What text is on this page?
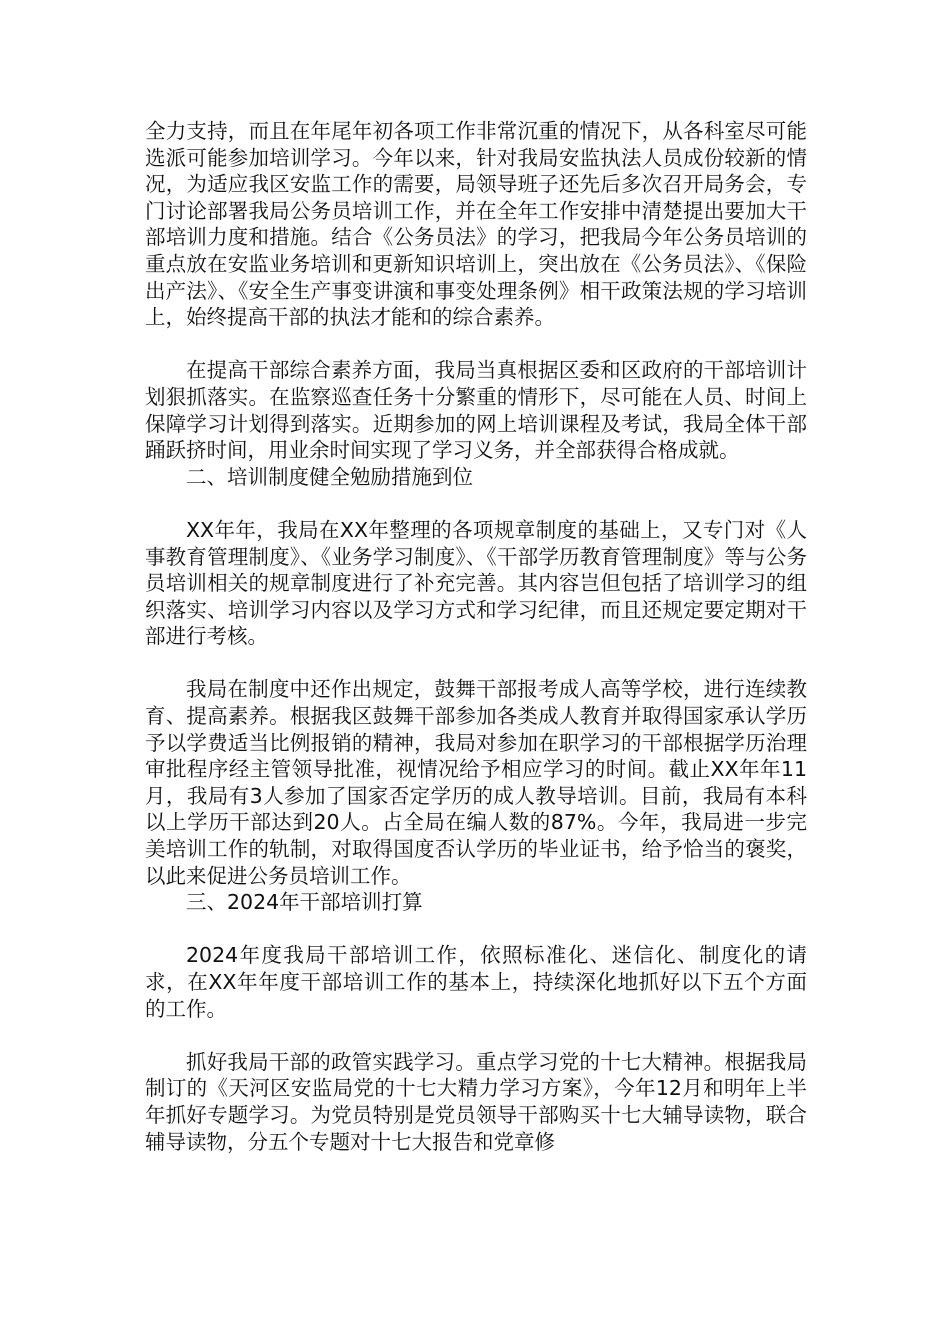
全力支持，而且在年尾年初各项工作非常沉重的情况下，从各科室尽可能选派可能参加培训学习。今年以来，针对我局安监执法人员成份较新的情况，为适应我区安监工作的需要，局领导班子还先后多次召开局务会，专门讨论部署我局公务员培训工作，并在全年工作安排中清楚提出要加大干部培训力度和措施。结合《公务员法》的学习，把我局今年公务员培训的重点放在安监业务培训和更新知识培训上，突出放在《公务员法》、《保险出产法》、《安全生产事变讲演和事变处理条例》相干政策法规的学习培训上，始终提高干部的执法才能和的综合素养。

在提高干部综合素养方面，我局当真根据区委和区政府的干部培训计划狠抓落实。在监察巡查任务十分繁重的情形下，尽可能在人员、时间上保障学习计划得到落实。近期参加的网上培训课程及考试，我局全体干部踊跃挤时间，用业余时间实现了学习义务，并全部获得合格成就。

二、培训制度健全勉励措施到位

XX年年，我局在XX年整理的各项规章制度的基础上，又专门对《人事教育管理制度》、《业务学习制度》、《干部学历教育管理制度》等与公务员培训相关的规章制度进行了补充完善。其内容岂但包括了培训学习的组织落实、培训学习内容以及学习方式和学习纪律，而且还规定要定期对干部进行考核。

我局在制度中还作出规定，鼓舞干部报考成人高等学校，进行连续教育、提高素养。根据我区鼓舞干部参加各类成人教育并取得国家承认学历予以学费适当比例报销的精神，我局对参加在职学习的干部根据学历治理审批程序经主管领导批准，视情况给予相应学习的时间。截止XX年年11月，我局有3人参加了国家否定学历的成人教导培训。目前，我局有本科以上学历干部达到20人。占全局在编人数的87%。今年，我局进一步完美培训工作的轨制，对取得国度否认学历的毕业证书，给予恰当的褒奖，以此来促进公务员培训工作。

三、2024年干部培训打算

2024年度我局干部培训工作，依照标准化、迷信化、制度化的请求，在XX年年度干部培训工作的基本上，持续深化地抓好以下五个方面的工作。

抓好我局干部的政管实践学习。重点学习党的十七大精神。根据我局制订的《天河区安监局党的十七大精力学习方案》，今年12月和明年上半年抓好专题学习。为党员特别是党员领导干部购买十七大辅导读物，联合辅导读物，分五个专题对十七大报告和党章修
